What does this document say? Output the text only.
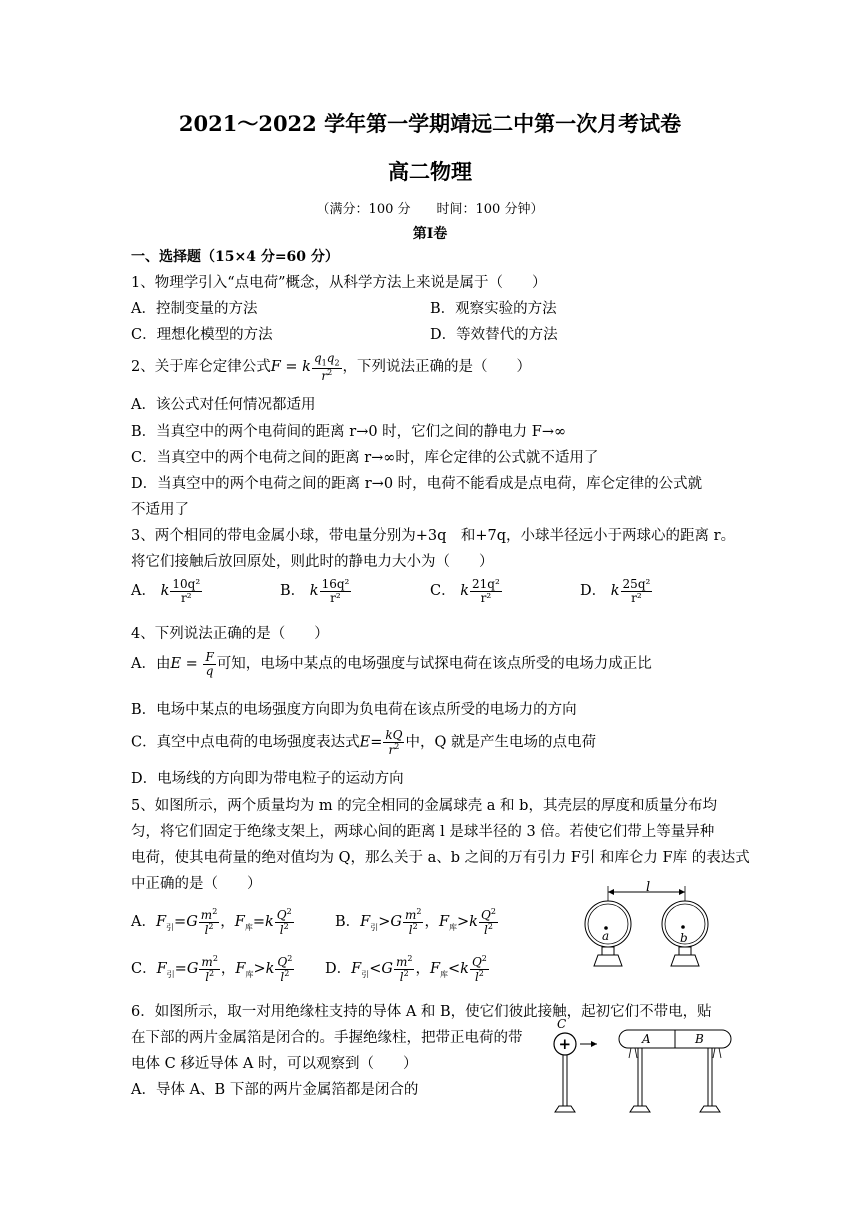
2021～2022 学年第一学期靖远二中第一次月考试卷
高二物理
（满分：100 分　　时间：100 分钟）
第Ⅰ卷
一、选择题（15×4 分=60 分）
1、物理学引入“点电荷”概念，从科学方法上来说是属于（　　）
A．控制变量的方法	B．观察实验的方法
C．理想化模型的方法	D．等效替代的方法
2、关于库仑定律公式F = k $\frac{q_1q_2}{r^2}$ ，下列说法正确的是（　　）
A．该公式对任何情况都适用
B．当真空中的两个电荷间的距离 r→0 时，它们之间的静电力 F→∞
C．当真空中的两个电荷之间的距离 r→∞时，库仑定律的公式就不适用了
D．当真空中的两个电荷之间的距离 r→0 时，电荷不能看成是点电荷，库仑定律的公式就
不适用了
3、两个相同的带电金属小球，带电量分别为+3q　和+7q，小球半径远小于两球心的距离 r。
将它们接触后放回原处，则此时的静电力大小为（　　）
A． k $\frac{\text{10q²}}{\text{r²}}$	B． k $\frac{\text{16q²}}{\text{r²}}$	C． k $\frac{\text{21q²}}{\text{r²}}$	D． k $\frac{\text{25q²}}{\text{r²}}$
4、下列说法正确的是（　　）
A．由$E = \frac{F}{q}$ 可知，电场中某点的电场强度与试探电荷在该点所受的电场力成正比
B．电场中某点的电场强度方向即为负电荷在该点所受的电场力的方向
C．真空中点电荷的电场强度表达式$E= \frac{kQ}{r^2}$ 中，Q 就是产生电场的点电荷
D．电场线的方向即为带电粒子的运动方向
5、如图所示，两个质量均为 m 的完全相同的金属球壳 a 和 b，其壳层的厚度和质量分布均
匀，将它们固定于绝缘支架上，两球心间的距离 l 是球半径的 3 倍。若使它们带上等量异种
电荷，使其电荷量的绝对值均为 Q，那么关于 a、b 之间的万有引力 F引 和库仑力 F库 的表达式
中正确的是（　　）
A．$F_引=G \frac{m^2}{l^2}$ ，$F_库=k \frac{Q^2}{l^2}$	B．$F_引>G \frac{m^2}{l^2}$ ，$F_库>k \frac{Q^2}{l^2}$
C．$F_引=G \frac{m^2}{l^2}$ ，$F_库>k \frac{Q^2}{l^2}$ D．$F_引<G \frac{m^2}{l^2}$ ，$F_库<k \frac{Q^2}{l^2}$
l
a	b
6．如图所示，取一对用绝缘柱支持的导体 A 和 B，使它们彼此接触，起初它们不带电，贴
在下部的两片金属箔是闭合的。手握绝缘柱，把带正电荷的带
电体 C 移近导体 A 时，可以观察到（　　）
A．导体 A、B 下部的两片金属箔都是闭合的
C
+	A	B
